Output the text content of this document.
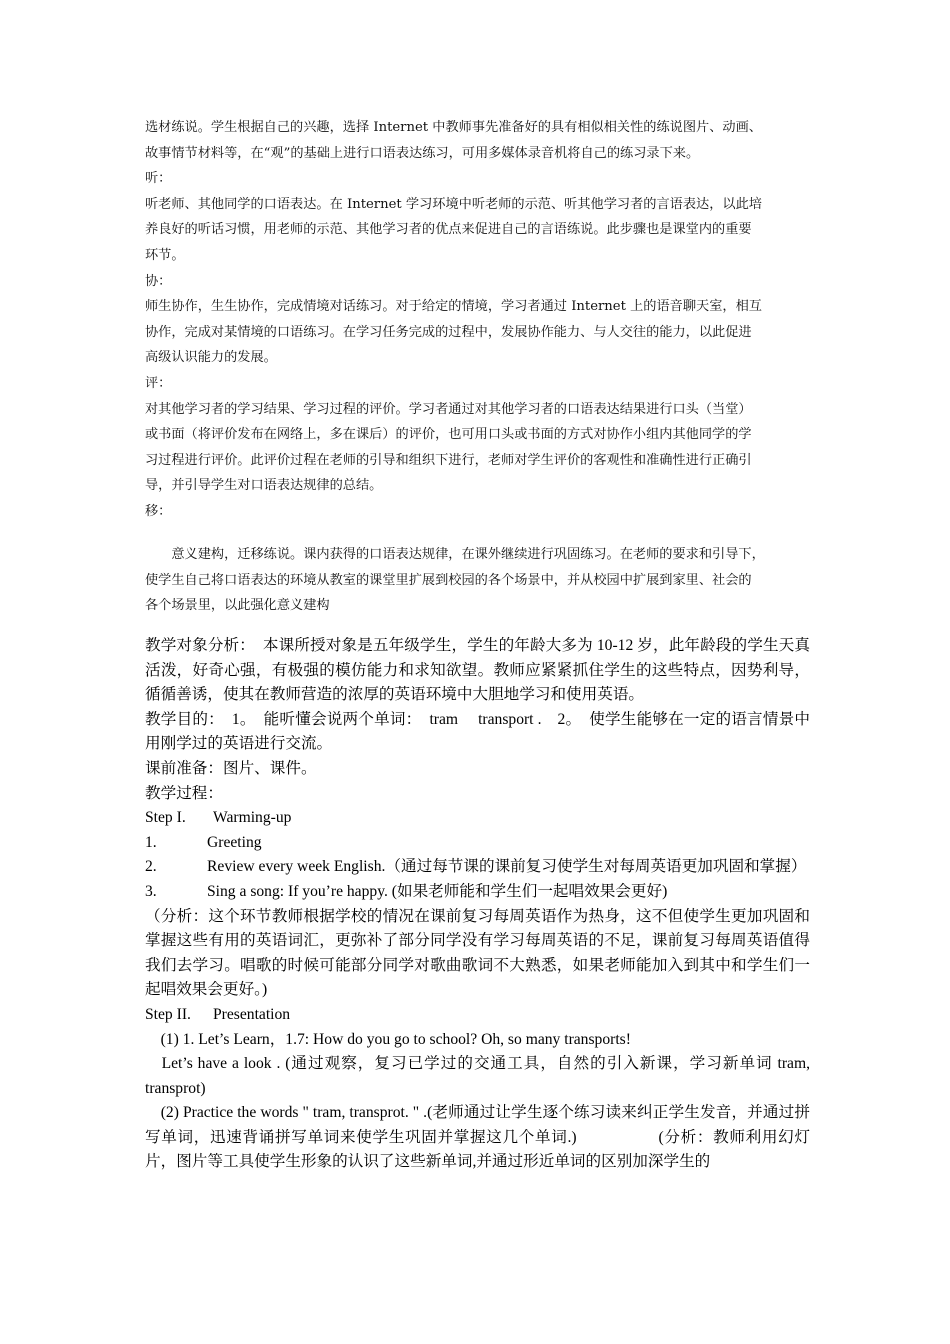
选材练说。学生根据自己的兴趣，选择 Internet 中教师事先准备好的具有相似相关性的练说图片、动画、

故事情节材料等，在“观”的基础上进行口语表达练习，可用多媒体录音机将自己的练习录下来。

听：

听老师、其他同学的口语表达。在 Internet 学习环境中听老师的示范、听其他学习者的言语表达，以此培

养良好的听话习惯，用老师的示范、其他学习者的优点来促进自己的言语练说。此步骤也是课堂内的重要

环节。

协：

师生协作，生生协作，完成情境对话练习。对于给定的情境，学习者通过 Internet 上的语音聊天室，相互

协作，完成对某情境的口语练习。在学习任务完成的过程中，发展协作能力、与人交往的能力，以此促进

高级认识能力的发展。

评：

对其他学习者的学习结果、学习过程的评价。学习者通过对其他学习者的口语表达结果进行口头（当堂）

或书面（将评价发布在网络上，多在课后）的评价，也可用口头或书面的方式对协作小组内其他同学的学

习过程进行评价。此评价过程在老师的引导和组织下进行，老师对学生评价的客观性和准确性进行正确引

导，并引导学生对口语表达规律的总结。

移：

　　意义建构，迁移练说。课内获得的口语表达规律，在课外继续进行巩固练习。在老师的要求和引导下，

使学生自己将口语表达的环境从教室的课堂里扩展到校园的各个场景中，并从校园中扩展到家里、社会的

各个场景里，以此强化意义建构

教学对象分析：　本课所授对象是五年级学生，学生的年龄大多为 10-12 岁，此年龄段的学生天真活泼，好奇心强，有极强的模仿能力和求知欲望。教师应紧紧抓住学生的这些特点，因势利导，循循善诱，使其在教师营造的浓厚的英语环境中大胆地学习和使用英语。

教学目的：　1。　能听懂会说两个单词：　tram　 transport .　2。　使学生能够在一定的语言情景中用刚学过的英语进行交流。

课前准备：图片、课件。

教学过程：

Step I.	Warming-up

1.	Greeting

2.	Review every week English.（通过每节课的课前复习使学生对每周英语更加巩固和掌握）

3.	Sing a song: If you’re happy. (如果老师能和学生们一起唱效果会更好)

（分析：这个环节教师根据学校的情况在课前复习每周英语作为热身，这不但使学生更加巩固和掌握这些有用的英语词汇，更弥补了部分同学没有学习每周英语的不足，课前复习每周英语值得我们去学习。唱歌的时候可能部分同学对歌曲歌词不大熟悉，如果老师能加入到其中和学生们一起唱效果会更好。)

Step II.	Presentation

　(1) 1. Let’s Learn，1.7: How do you go to school? Oh, so many transports!

　Let’s have a look . (通过观察，复习已学过的交通工具，自然的引入新课，学习新单词 tram, transprot)

　(2) Practice the words " tram, transprot. " .(老师通过让学生逐个练习读来纠正学生发音，并通过拼写单词，迅速背诵拼写单词来使学生巩固并掌握这几个单词.)　　　　　(分析：教师利用幻灯片，图片等工具使学生形象的认识了这些新单词,并通过形近单词的区别加深学生的
